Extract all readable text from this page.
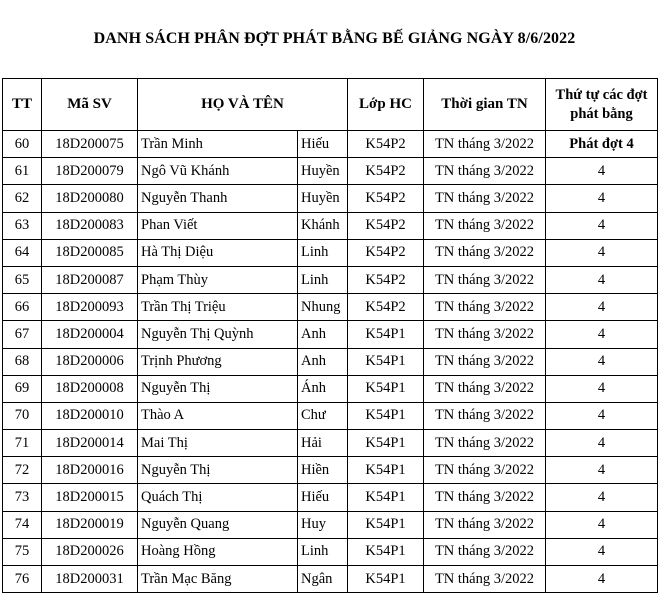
DANH SÁCH PHÂN ĐỢT PHÁT BẰNG BẾ GIẢNG NGÀY 8/6/2022
TT	Mã SV	HỌ VÀ TÊN		Lớp HC	Thời gian TN	Thứ tự các đợt phát bằng
60	18D200075	Trần Minh	Hiếu	K54P2	TN tháng 3/2022	Phát đợt 4
61	18D200079	Ngô Vũ Khánh	Huyền	K54P2	TN tháng 3/2022	4
62	18D200080	Nguyễn Thanh	Huyền	K54P2	TN tháng 3/2022	4
63	18D200083	Phan Viết	Khánh	K54P2	TN tháng 3/2022	4
64	18D200085	Hà Thị Diệu	Linh	K54P2	TN tháng 3/2022	4
65	18D200087	Phạm Thùy	Linh	K54P2	TN tháng 3/2022	4
66	18D200093	Trần Thị Triệu	Nhung	K54P2	TN tháng 3/2022	4
67	18D200004	Nguyễn Thị Quỳnh	Anh	K54P1	TN tháng 3/2022	4
68	18D200006	Trịnh Phương	Anh	K54P1	TN tháng 3/2022	4
69	18D200008	Nguyễn Thị	Ánh	K54P1	TN tháng 3/2022	4
70	18D200010	Thào A	Chư	K54P1	TN tháng 3/2022	4
71	18D200014	Mai Thị	Hải	K54P1	TN tháng 3/2022	4
72	18D200016	Nguyễn Thị	Hiền	K54P1	TN tháng 3/2022	4
73	18D200015	Quách Thị	Hiếu	K54P1	TN tháng 3/2022	4
74	18D200019	Nguyễn Quang	Huy	K54P1	TN tháng 3/2022	4
75	18D200026	Hoàng Hồng	Linh	K54P1	TN tháng 3/2022	4
76	18D200031	Trần Mạc Băng	Ngân	K54P1	TN tháng 3/2022	4
